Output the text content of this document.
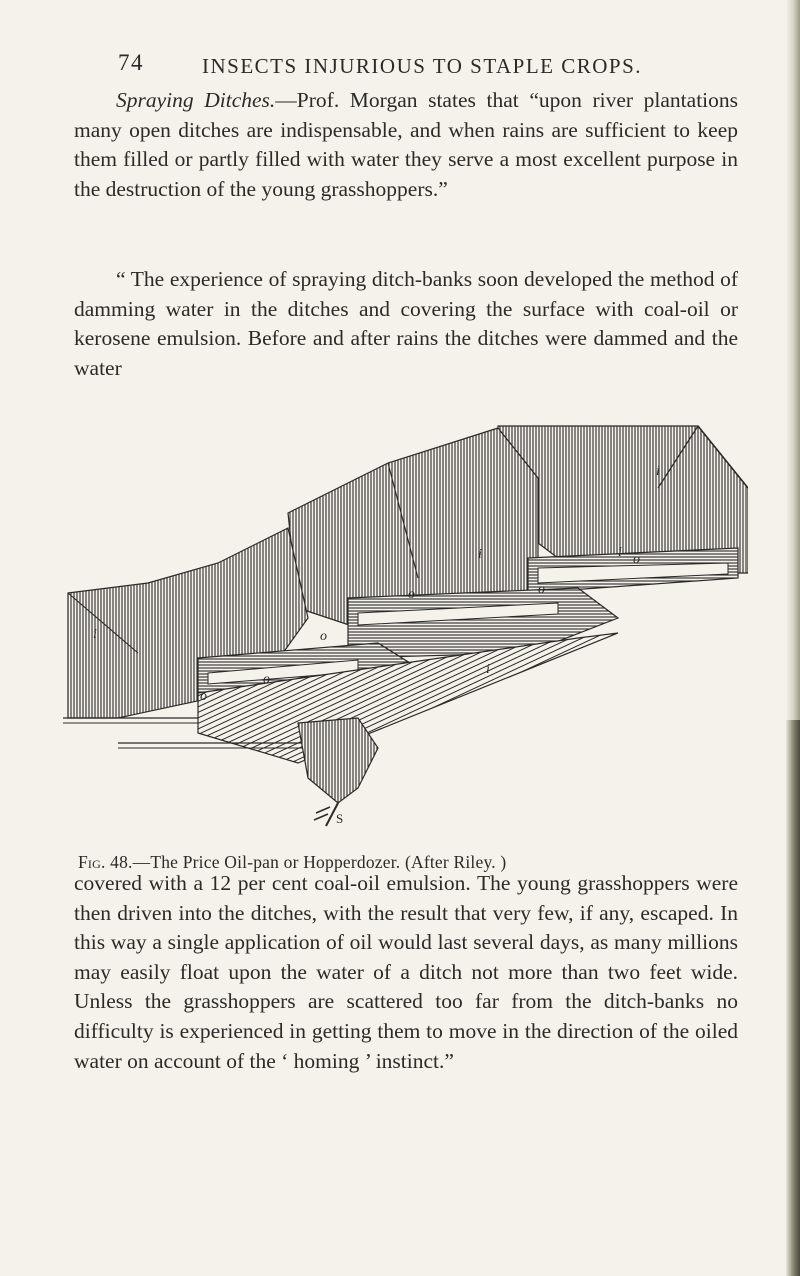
74	INSECTS INJURIOUS TO STAPLE CROPS.

Spraying Ditches.—Prof. Morgan states that “upon river plantations many open ditches are indispensable, and when rains are sufficient to keep them filled or partly filled with water they serve a most excellent purpose in the destruction of the young grasshoppers.”

“ The experience of spraying ditch-banks soon developed the method of damming water in the ditches and covering the surface with coal-oil or kerosene emulsion. Before and after rains the ditches were dammed and the water

i
i	i
i
i
o
o	o
o
o
o
S
Fig. 48.—The Price Oil-pan or Hopperdozer. (After Riley. )

covered with a 12 per cent coal-oil emulsion. The young grasshoppers were then driven into the ditches, with the result that very few, if any, escaped. In this way a single application of oil would last several days, as many millions may easily float upon the water of a ditch not more than two feet wide. Unless the grasshoppers are scattered too far from the ditch-banks no difficulty is experienced in getting them to move in the direction of the oiled water on account of the ‘ homing ’ instinct.”
